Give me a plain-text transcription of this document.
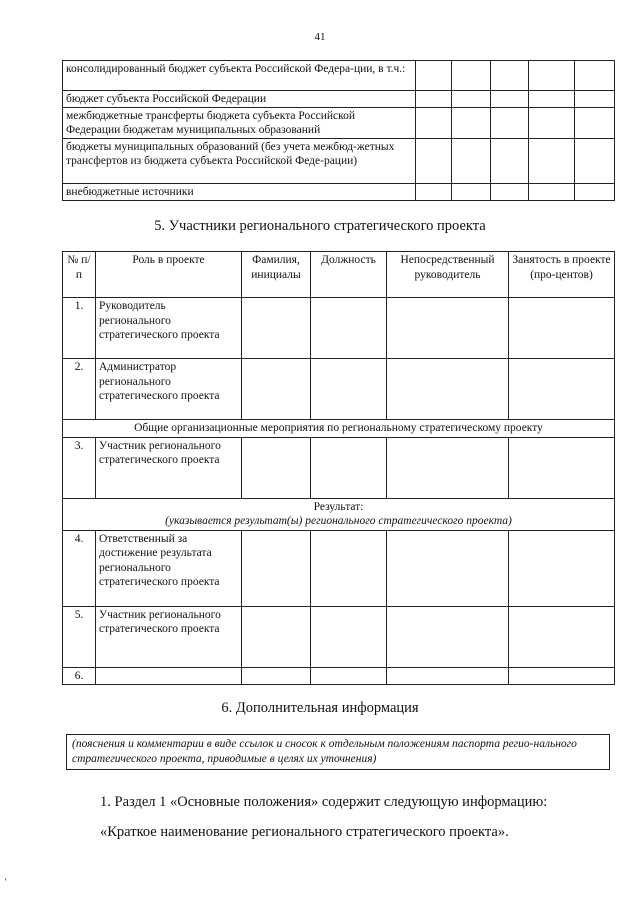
41
консолидированный бюджет субъекта Российской Федера-ции, в т.ч.:					
бюджет субъекта Российской Федерации					
межбюджетные трансферты бюджета субъекта Российской Федерации бюджетам муниципальных образований					
бюджеты муниципальных образований (без учета межбюд-жетных трансфертов из бюджета субъекта Российской Феде-рации)					
внебюджетные источники					
5. Участники регионального стратегического проекта
№ п/п	Роль в проекте	Фамилия, инициалы	Должность	Непосредственный руководитель	Занятость в проекте (про-центов)
1.	Руководитель регионального стратегического проекта				
2.	Администратор регионального стратегического проекта				
Общие организационные мероприятия по региональному стратегическому проекту					
3.	Участник регионального стратегического проекта				

Результат:
(указывается результат(ы) регионального стратегического проекта)					

4.	Ответственный за достижение результата регионального стратегического проекта				
5.	Участник регионального стратегического проекта				
6.					
6. Дополнительная информация
(пояснения и комментарии в виде ссылок и сносок к отдельным положениям паспорта регио-нального стратегического проекта, приводимые в целях их уточнения)
1. Раздел 1 «Основные положения» содержит следующую информацию:
«Краткое наименование регионального стратегического проекта».
ʻ
